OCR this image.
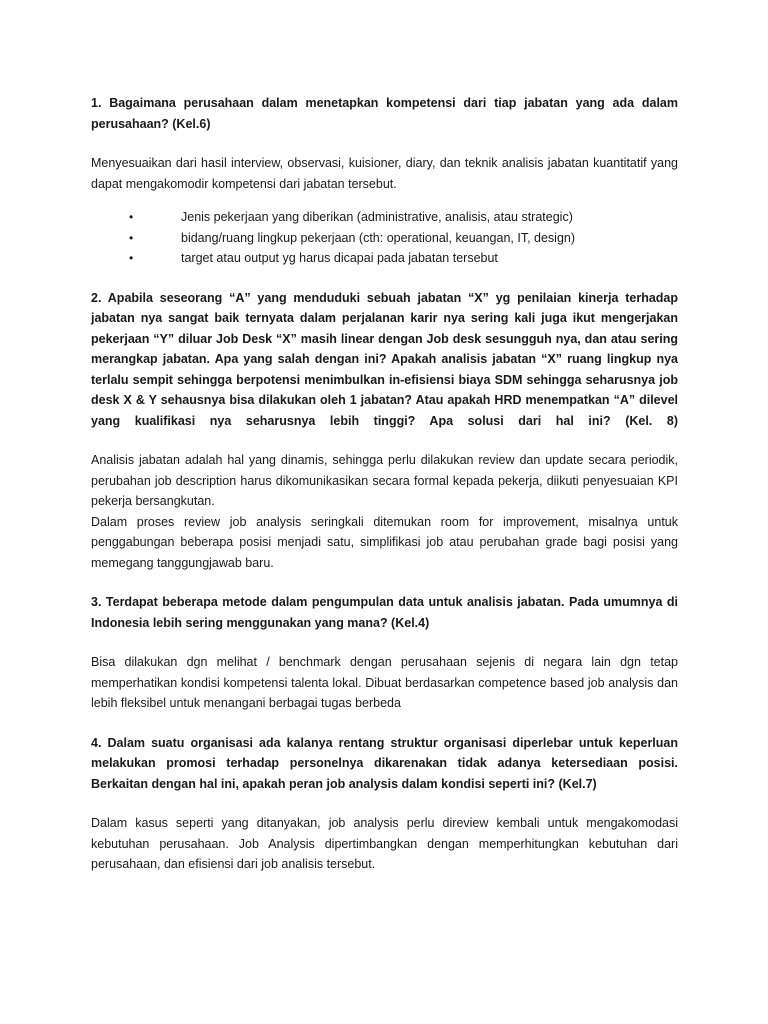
1. Bagaimana perusahaan dalam menetapkan kompetensi dari tiap jabatan yang ada dalam perusahaan? (Kel.6)

Menyesuaikan dari hasil interview, observasi, kuisioner, diary, dan teknik analisis jabatan kuantitatif yang dapat mengakomodir kompetensi dari jabatan tersebut.

•	Jenis pekerjaan yang diberikan (administrative, analisis, atau strategic)
•	bidang/ruang lingkup pekerjaan (cth: operational, keuangan, IT, design)
•	target atau output yg harus dicapai pada jabatan tersebut

2. Apabila seseorang “A” yang menduduki sebuah jabatan “X” yg penilaian kinerja terhadap jabatan nya sangat baik ternyata dalam perjalanan karir nya sering kali juga ikut mengerjakan pekerjaan “Y” diluar Job Desk “X” masih linear dengan Job desk sesungguh nya, dan atau sering merangkap jabatan. Apa yang salah dengan ini? Apakah analisis jabatan “X” ruang lingkup nya terlalu sempit sehingga berpotensi menimbulkan in-efisiensi biaya SDM sehingga seharusnya job desk X & Y sehausnya bisa dilakukan oleh 1 jabatan? Atau apakah HRD menempatkan “A” dilevel yang kualifikasi nya seharusnya lebih tinggi? Apa solusi dari hal ini? (Kel. 8)

Analisis jabatan adalah hal yang dinamis, sehingga perlu dilakukan review dan update secara periodik, perubahan job description harus dikomunikasikan secara formal kepada pekerja, diikuti penyesuaian KPI pekerja bersangkutan.

Dalam proses review job analysis seringkali ditemukan room for improvement, misalnya untuk penggabungan beberapa posisi menjadi satu, simplifikasi job atau perubahan grade bagi posisi yang memegang tanggungjawab baru.

3. Terdapat beberapa metode dalam pengumpulan data untuk analisis jabatan. Pada umumnya di Indonesia lebih sering menggunakan yang mana? (Kel.4)

Bisa dilakukan dgn melihat / benchmark dengan perusahaan sejenis di negara lain dgn tetap memperhatikan kondisi kompetensi talenta lokal. Dibuat berdasarkan competence based job analysis dan lebih fleksibel untuk menangani berbagai tugas berbeda

4. Dalam suatu organisasi ada kalanya rentang struktur organisasi diperlebar untuk keperluan melakukan promosi terhadap personelnya dikarenakan tidak adanya ketersediaan posisi. Berkaitan dengan hal ini, apakah peran job analysis dalam kondisi seperti ini? (Kel.7)

Dalam kasus seperti yang ditanyakan, job analysis perlu direview kembali untuk mengakomodasi kebutuhan perusahaan. Job Analysis dipertimbangkan dengan memperhitungkan kebutuhan dari perusahaan, dan efisiensi dari job analisis tersebut.
